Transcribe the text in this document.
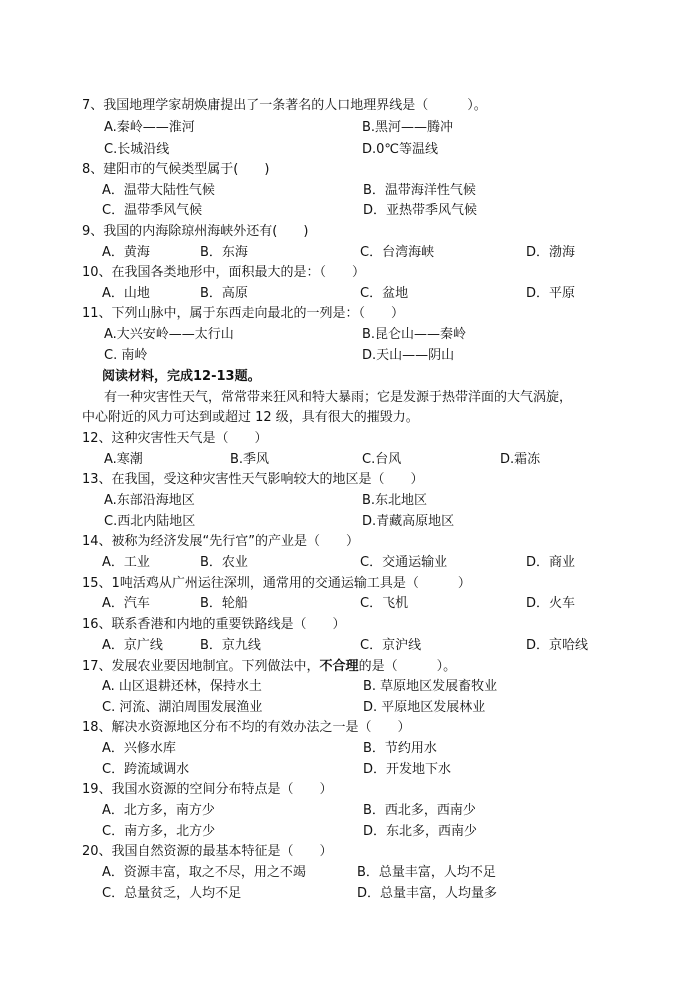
7、我国地理学家胡焕庸提出了一条著名的人口地理界线是（　　　）。
A.秦岭——淮河	B.黑河——腾冲
C.长城沿线	D.0℃等温线
8、建阳市的气候类型属于(　　)
A．温带大陆性气候	B．温带海洋性气候
C．温带季风气候	D．亚热带季风气候
9、我国的内海除琼州海峡外还有(　　)
A．黄海	B．东海	C．台湾海峡	D．渤海
10、在我国各类地形中，面积最大的是：（　　）
A．山地	B．高原	C．盆地	D．平原
11、下列山脉中，属于东西走向最北的一列是：（　　）
A.大兴安岭——太行山	B.昆仑山——秦岭
C. 南岭	D.天山——阴山
阅读材料，完成12-13题。
有一种灾害性天气，常常带来狂风和特大暴雨；它是发源于热带洋面的大气涡旋，
中心附近的风力可达到或超过 12 级，具有很大的摧毁力。
12、这种灾害性天气是（　　）
A.寒潮	B.季风	C.台风	D.霜冻
13、在我国，受这种灾害性天气影响较大的地区是（　　）
A.东部沿海地区	B.东北地区
C.西北内陆地区	D.青藏高原地区
14、被称为经济发展“先行官”的产业是（　　）
A．工业	B．农业	C．交通运输业	D．商业
15、1吨活鸡从广州运往深圳，通常用的交通运输工具是（　　　）
A．汽车	B．轮船	C．飞机	D．火车
16、联系香港和内地的重要铁路线是（　　）
A．京广线	B．京九线	C．京沪线	D．京哈线
17、发展农业要因地制宜。下列做法中，不合理的是（　　　）。
A. 山区退耕还林，保持水土	B. 草原地区发展畜牧业
C. 河流、湖泊周围发展渔业	D. 平原地区发展林业
18、解决水资源地区分布不均的有效办法之一是（　　）
A．兴修水库	B．节约用水
C．跨流域调水	D．开发地下水
19、我国水资源的空间分布特点是（　　）
A．北方多，南方少	B．西北多，西南少
C．南方多，北方少	D．东北多，西南少
20、我国自然资源的最基本特征是（　　）
A．资源丰富，取之不尽，用之不竭	B．总量丰富，人均不足
C．总量贫乏，人均不足	D．总量丰富，人均量多
